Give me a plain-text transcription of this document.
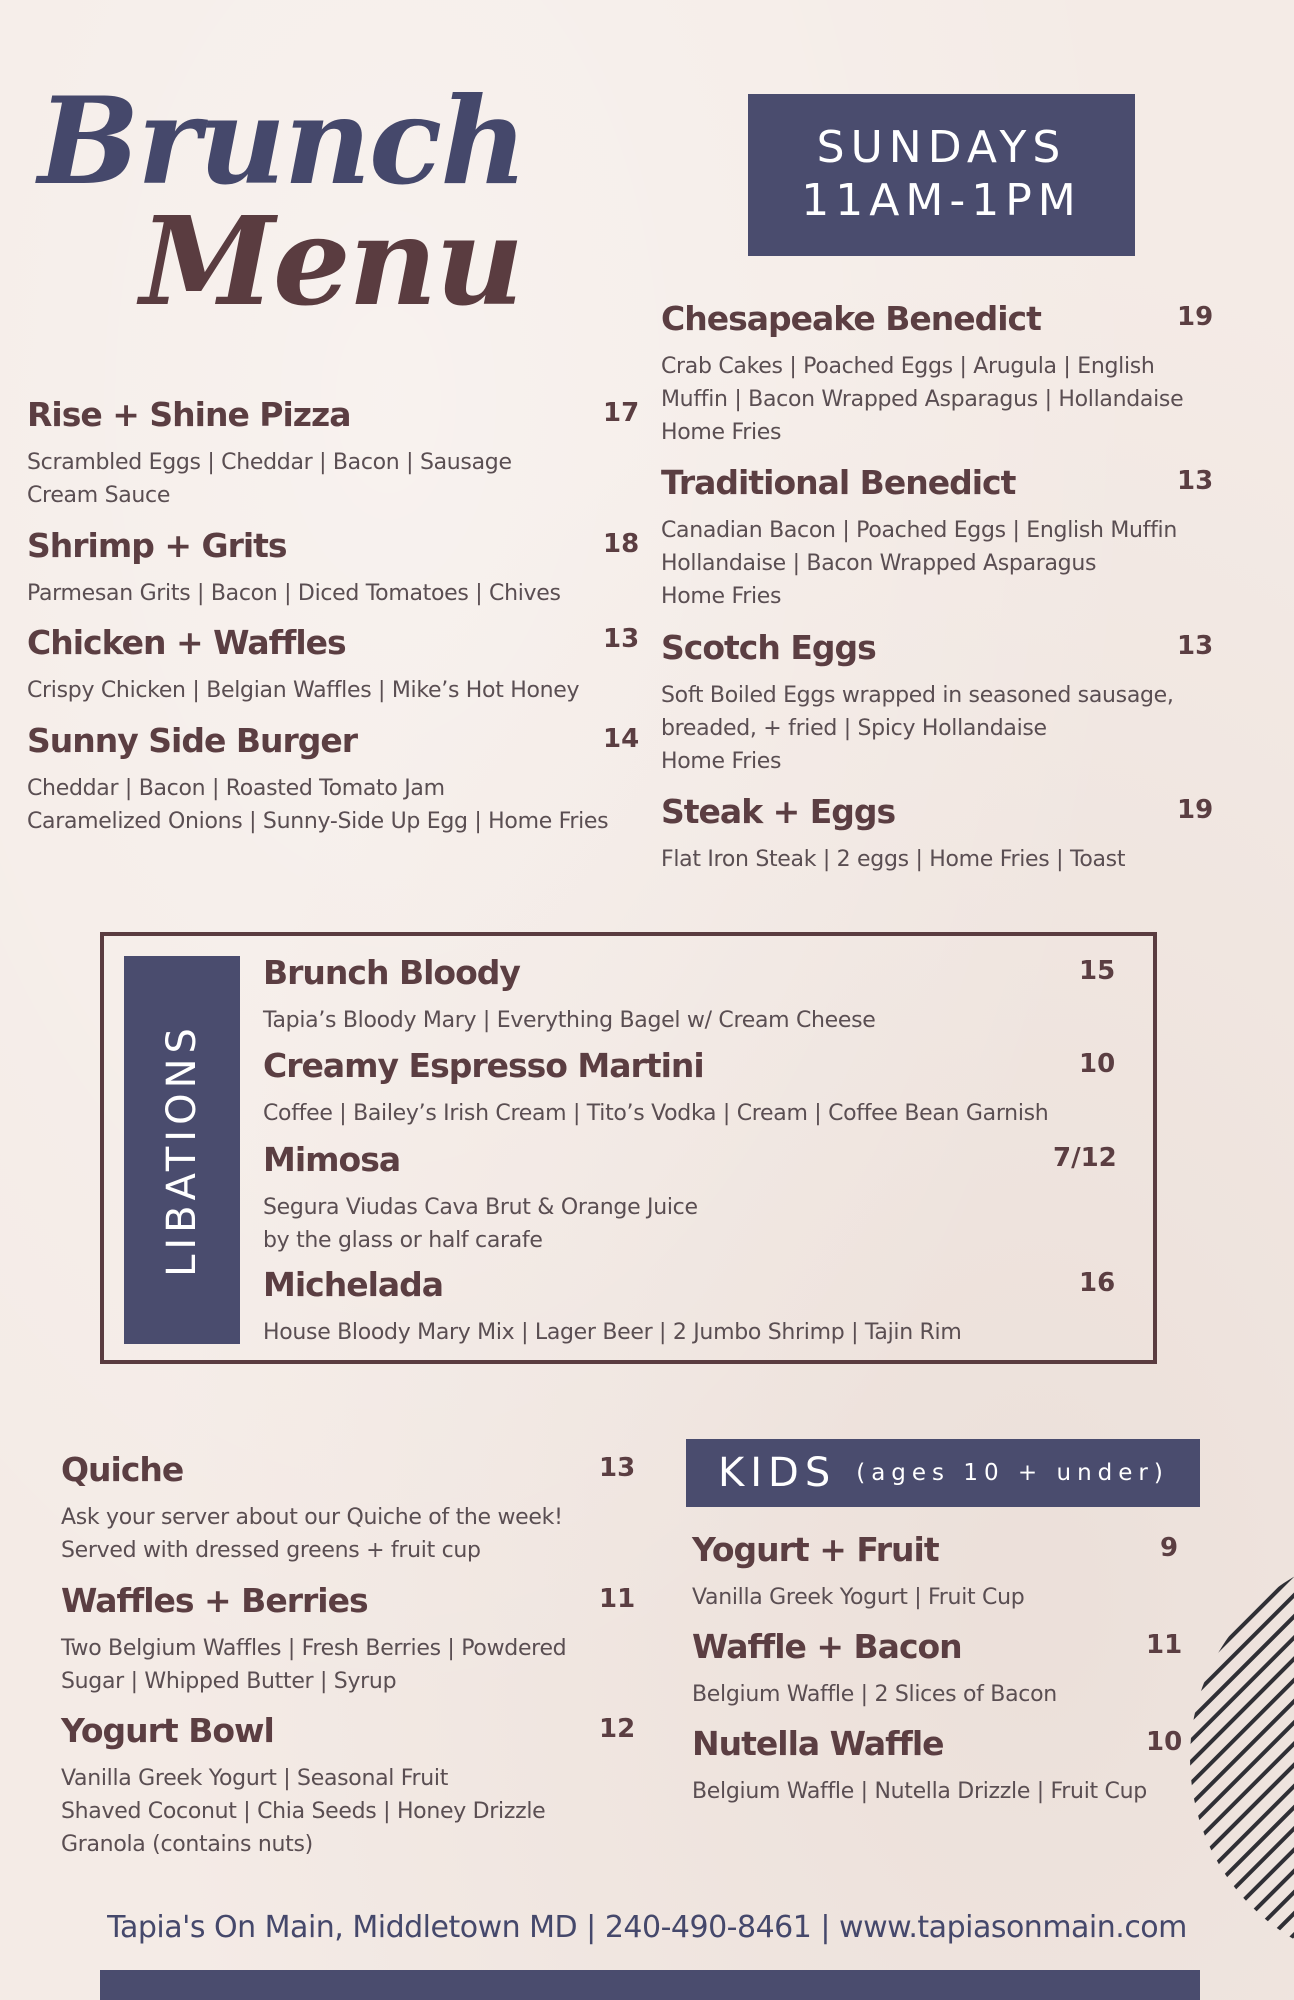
Brunch
Menu
SUNDAYS
11AM-1PM
Rise + Shine Pizza	17
Scrambled Eggs | Cheddar | Bacon | Sausage
Cream Sauce
Shrimp + Grits	18
Parmesan Grits | Bacon | Diced Tomatoes | Chives
Chicken + Waffles	13
Crispy Chicken | Belgian Waffles | Mike’s Hot Honey
Sunny Side Burger	14
Cheddar | Bacon | Roasted Tomato Jam
Caramelized Onions | Sunny-Side Up Egg | Home Fries
Chesapeake Benedict	19
Crab Cakes | Poached Eggs | Arugula | English
Muffin | Bacon Wrapped Asparagus | Hollandaise
Home Fries
Traditional Benedict	13
Canadian Bacon | Poached Eggs | English Muffin
Hollandaise | Bacon Wrapped Asparagus
Home Fries
Scotch Eggs	13
Soft Boiled Eggs wrapped in seasoned sausage,
breaded, + fried | Spicy Hollandaise
Home Fries
Steak + Eggs	19
Flat Iron Steak | 2 eggs | Home Fries | Toast
LIBATIONS
Brunch Bloody	15
Tapia’s Bloody Mary | Everything Bagel w/ Cream Cheese
Creamy Espresso Martini	10
Coffee | Bailey’s Irish Cream | Tito’s Vodka | Cream | Coffee Bean Garnish
Mimosa	7/12
Segura Viudas Cava Brut & Orange Juice
by the glass or half carafe
Michelada	16
House Bloody Mary Mix | Lager Beer | 2 Jumbo Shrimp | Tajin Rim
Quiche	13
Ask your server about our Quiche of the week!
Served with dressed greens + fruit cup
Waffles + Berries	11
Two Belgium Waffles | Fresh Berries | Powdered
Sugar | Whipped Butter | Syrup
Yogurt Bowl	12
Vanilla Greek Yogurt | Seasonal Fruit
Shaved Coconut | Chia Seeds | Honey Drizzle
Granola (contains nuts)
KIDS (ages 10 + under)
Yogurt + Fruit	9
Vanilla Greek Yogurt | Fruit Cup
Waffle + Bacon	11
Belgium Waffle | 2 Slices of Bacon
Nutella Waffle	10
Belgium Waffle | Nutella Drizzle | Fruit Cup
Tapia's On Main, Middletown MD | 240-490-8461 | www.tapiasonmain.com
